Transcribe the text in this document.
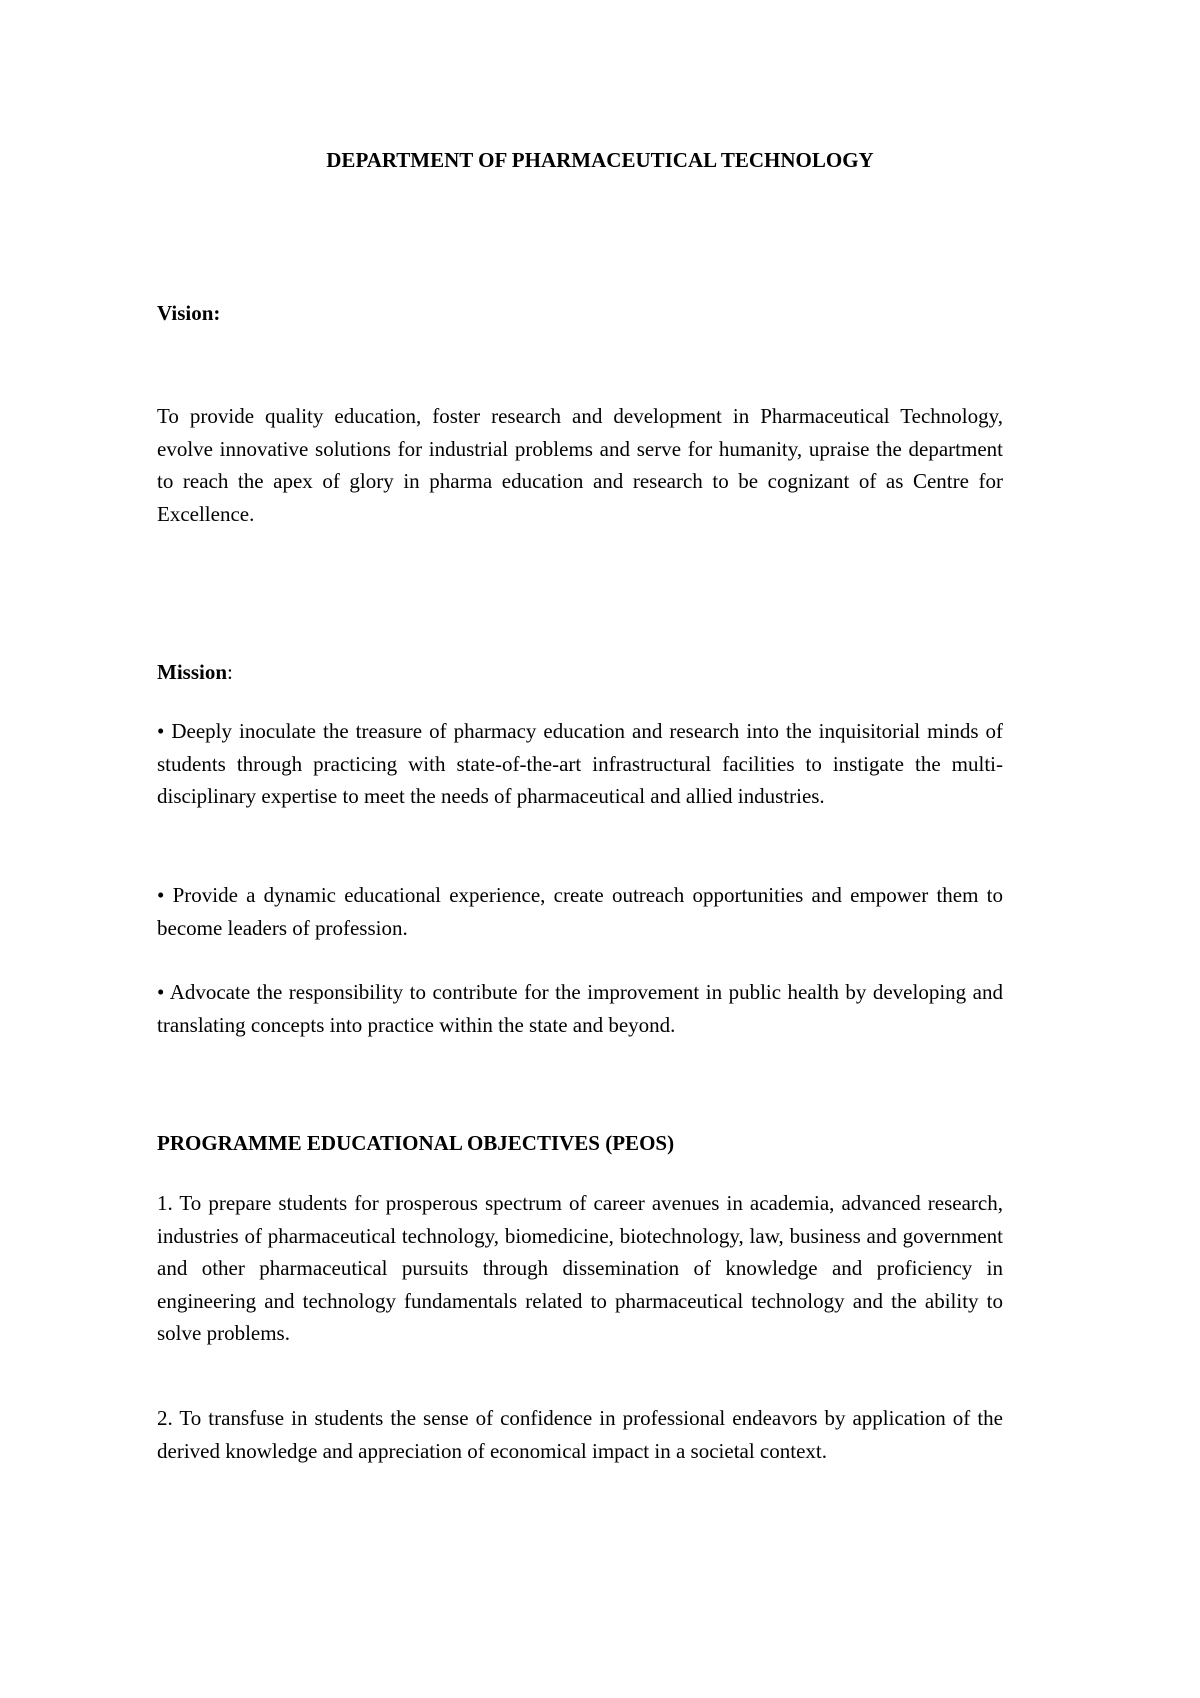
DEPARTMENT OF PHARMACEUTICAL TECHNOLOGY
Vision:

To provide quality education, foster research and development in Pharmaceutical Technology, evolve innovative solutions for industrial problems and serve for humanity, upraise the department to reach the apex of glory in pharma education and research to be cognizant of as Centre for Excellence.

Mission:

• Deeply inoculate the treasure of pharmacy education and research into the inquisitorial minds of students through practicing with state-of-the-art infrastructural facilities to instigate the multi-disciplinary expertise to meet the needs of pharmaceutical and allied industries.

• Provide a dynamic educational experience, create outreach opportunities and empower them to become leaders of profession.

• Advocate the responsibility to contribute for the improvement in public health by developing and translating concepts into practice within the state and beyond.

PROGRAMME EDUCATIONAL OBJECTIVES (PEOS)

1. To prepare students for prosperous spectrum of career avenues in academia, advanced research, industries of pharmaceutical technology, biomedicine, biotechnology, law, business and government and other pharmaceutical pursuits through dissemination of knowledge and proficiency in engineering and technology fundamentals related to pharmaceutical technology and the ability to solve problems.

2. To transfuse in students the sense of confidence in professional endeavors by application of the derived knowledge and appreciation of economical impact in a societal context.
